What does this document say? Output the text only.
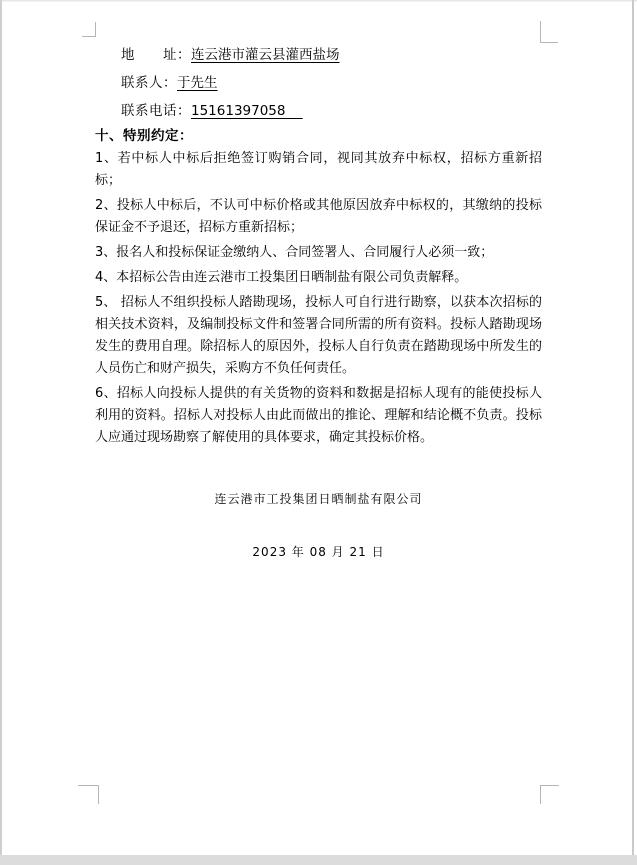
地　　址：连云港市灌云县灌西盐场

联系人：于先生

联系电话：15161397058

十、特别约定：

1、若中标人中标后拒绝签订购销合同，视同其放弃中标权，招标方重新招标；

2、投标人中标后，不认可中标价格或其他原因放弃中标权的，其缴纳的投标保证金不予退还，招标方重新招标；

3、报名人和投标保证金缴纳人、合同签署人、合同履行人必须一致；

4、本招标公告由连云港市工投集团日晒制盐有限公司负责解释。

5、 招标人不组织投标人踏勘现场，投标人可自行进行勘察，以获本次招标的相关技术资料，及编制投标文件和签署合同所需的所有资料。投标人踏勘现场发生的费用自理。除招标人的原因外，投标人自行负责在踏勘现场中所发生的人员伤亡和财产损失，采购方不负任何责任。

6、招标人向投标人提供的有关货物的资料和数据是招标人现有的能使投标人利用的资料。招标人对投标人由此而做出的推论、理解和结论概不负责。投标人应通过现场勘察了解使用的具体要求，确定其投标价格。

连云港市工投集团日晒制盐有限公司

2023 年 08 月 21 日
